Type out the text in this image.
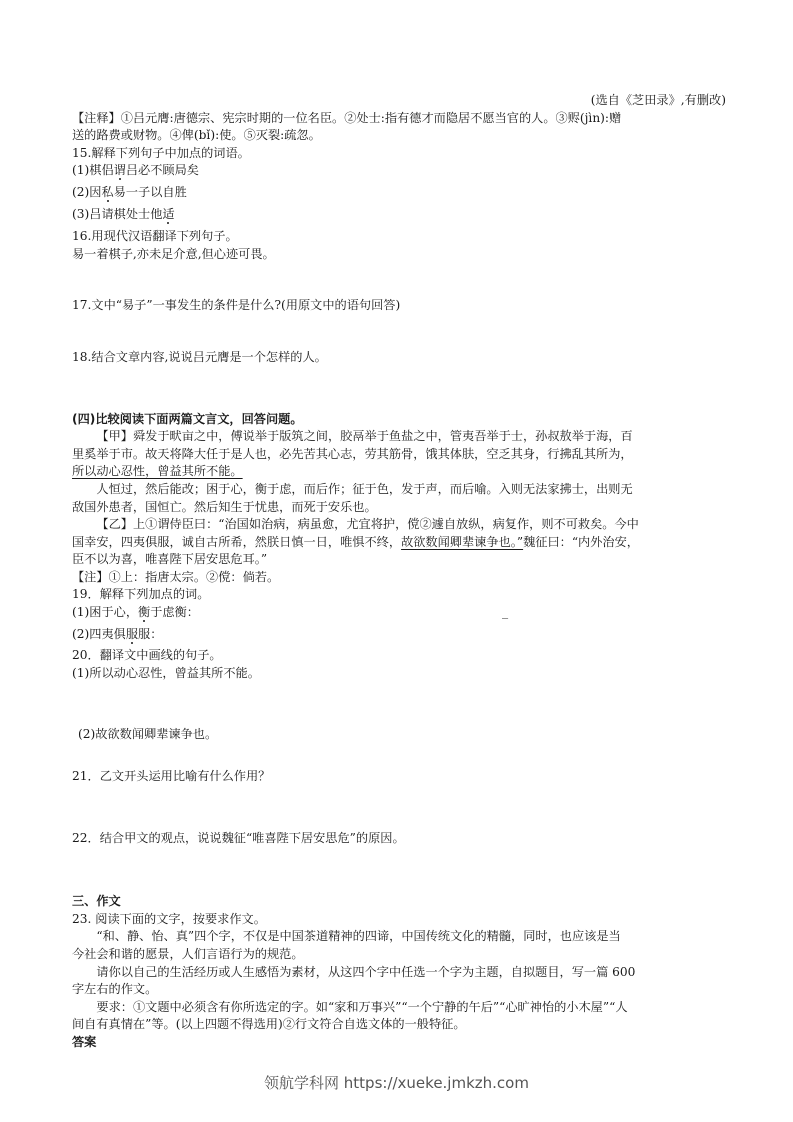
(选自《芝田录》,有删改)
【注释】①吕元膺:唐德宗、宪宗时期的一位名臣。②处士:指有德才而隐居不愿当官的人。③赆(jìn):赠
送的路费或财物。④俾(bǐ):使。⑤灭裂:疏忽。
15.解释下列句子中加点的词语。
(1)棋侣谓吕必不顾局矣
(2)因私易一子以自胜
(3)吕请棋处士他适
16.用现代汉语翻译下列句子。
易一着棋子,亦未足介意,但心迹可畏。
17.文中“易子”一事发生的条件是什么?(用原文中的语句回答)
18.结合文章内容,说说吕元膺是一个怎样的人。
(四)比较阅读下面两篇文言文，回答问题。
【甲】舜发于畎亩之中，傅说举于版筑之间，胶鬲举于鱼盐之中，管夷吾举于士，孙叔敖举于海，百
里奚举于市。故天将降大任于是人也，必先苦其心志，劳其筋骨，饿其体肤，空乏其身，行拂乱其所为，
所以动心忍性，曾益其所不能。
人恒过，然后能改；困于心，衡于虑，而后作；征于色，发于声，而后喻。入则无法家拂士，出则无
敌国外患者，国恒亡。然后知生于忧患，而死于安乐也。
【乙】上①谓侍臣曰：“治国如治病，病虽愈，尤宜将护，傥②遽自放纵，病复作，则不可救矣。今中
国幸安，四夷俱服，诚自古所希，然朕日慎一日，唯惧不终，故欲数闻卿辈谏争也。”魏征曰：“内外治安，
臣不以为喜，唯喜陛下居安思危耳。”
【注】①上：指唐太宗。②傥：倘若。
19．解释下列加点的词。
(1)困于心，衡于虑衡：	_
(2)四夷俱服服：
20．翻译文中画线的句子。
(1)所以动心忍性，曾益其所不能。
(2)故欲数闻卿辈谏争也。
21．乙文开头运用比喻有什么作用？
22．结合甲文的观点，说说魏征“唯喜陛下居安思危”的原因。
三、作文
23. 阅读下面的文字，按要求作文。
“和、静、怡、真”四个字，不仅是中国茶道精神的四谛，中国传统文化的精髓，同时，也应该是当
今社会和谐的愿景，人们言语行为的规范。
请你以自己的生活经历或人生感悟为素材，从这四个字中任选一个字为主题，自拟题目，写一篇 600
字左右的作文。
要求：①文题中必须含有你所选定的字。如“家和万事兴”“一个宁静的午后”“心旷神怡的小木屋”“人
间自有真情在”等。(以上四题不得选用)②行文符合自选文体的一般特征。
答案
领航学科网 https://xueke.jmkzh.com
